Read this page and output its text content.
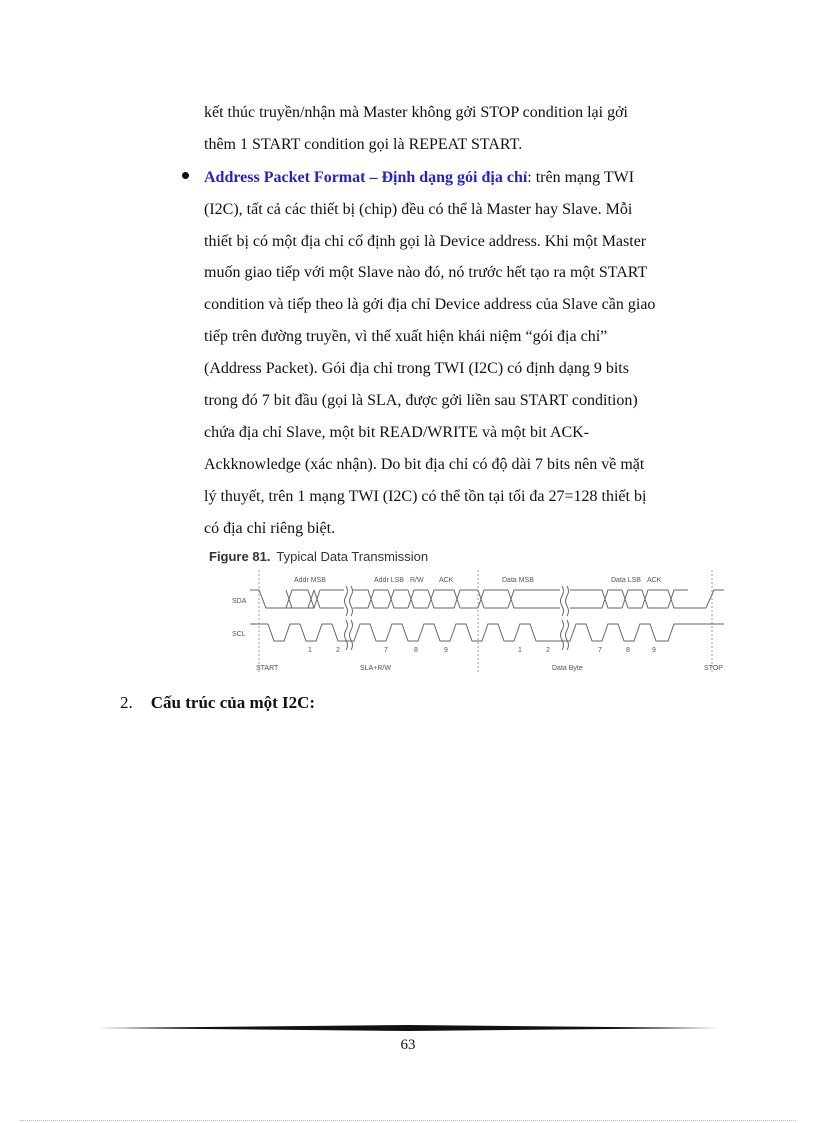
kết thúc truyền/nhận mà Master không gởi STOP condition lại gởi
thêm 1 START condition gọi là REPEAT START.
Address Packet Format – Định dạng gói địa chỉ: trên mạng TWI
(I2C), tất cả các thiết bị (chip) đều có thể là Master hay Slave. Mỗi
thiết bị có một địa chỉ cố định gọi là Device address. Khi một Master
muốn giao tiếp với một Slave nào đó, nó trước hết tạo ra một START
condition và tiếp theo là gởi địa chỉ Device address của Slave cần giao
tiếp trên đường truyền, vì thế xuất hiện khái niệm “gói địa chỉ”
(Address Packet). Gói địa chỉ trong TWI (I2C) có định dạng 9 bits
trong đó 7 bit đầu (gọi là SLA, được gởi liền sau START condition)
chứa địa chỉ Slave, một bit READ/WRITE và một bit ACK-
Ackknowledge (xác nhận). Do bit địa chỉ có độ dài 7 bits nên về mặt
lý thuyết, trên 1 mạng TWI (I2C) có thể tồn tại tối đa 27=128 thiết bị
có địa chỉ riêng biệt.
Figure 81. Typical Data Transmission
Addr MSB	Addr LSB R/W ACK	Data MSB	Data LSB ACK
SDA
SCL
1	2	7	8	9	1	2	7	8	9
START	SLA+R/W	Data Byte	STOP
2. Cấu trúc của một I2C:
63
